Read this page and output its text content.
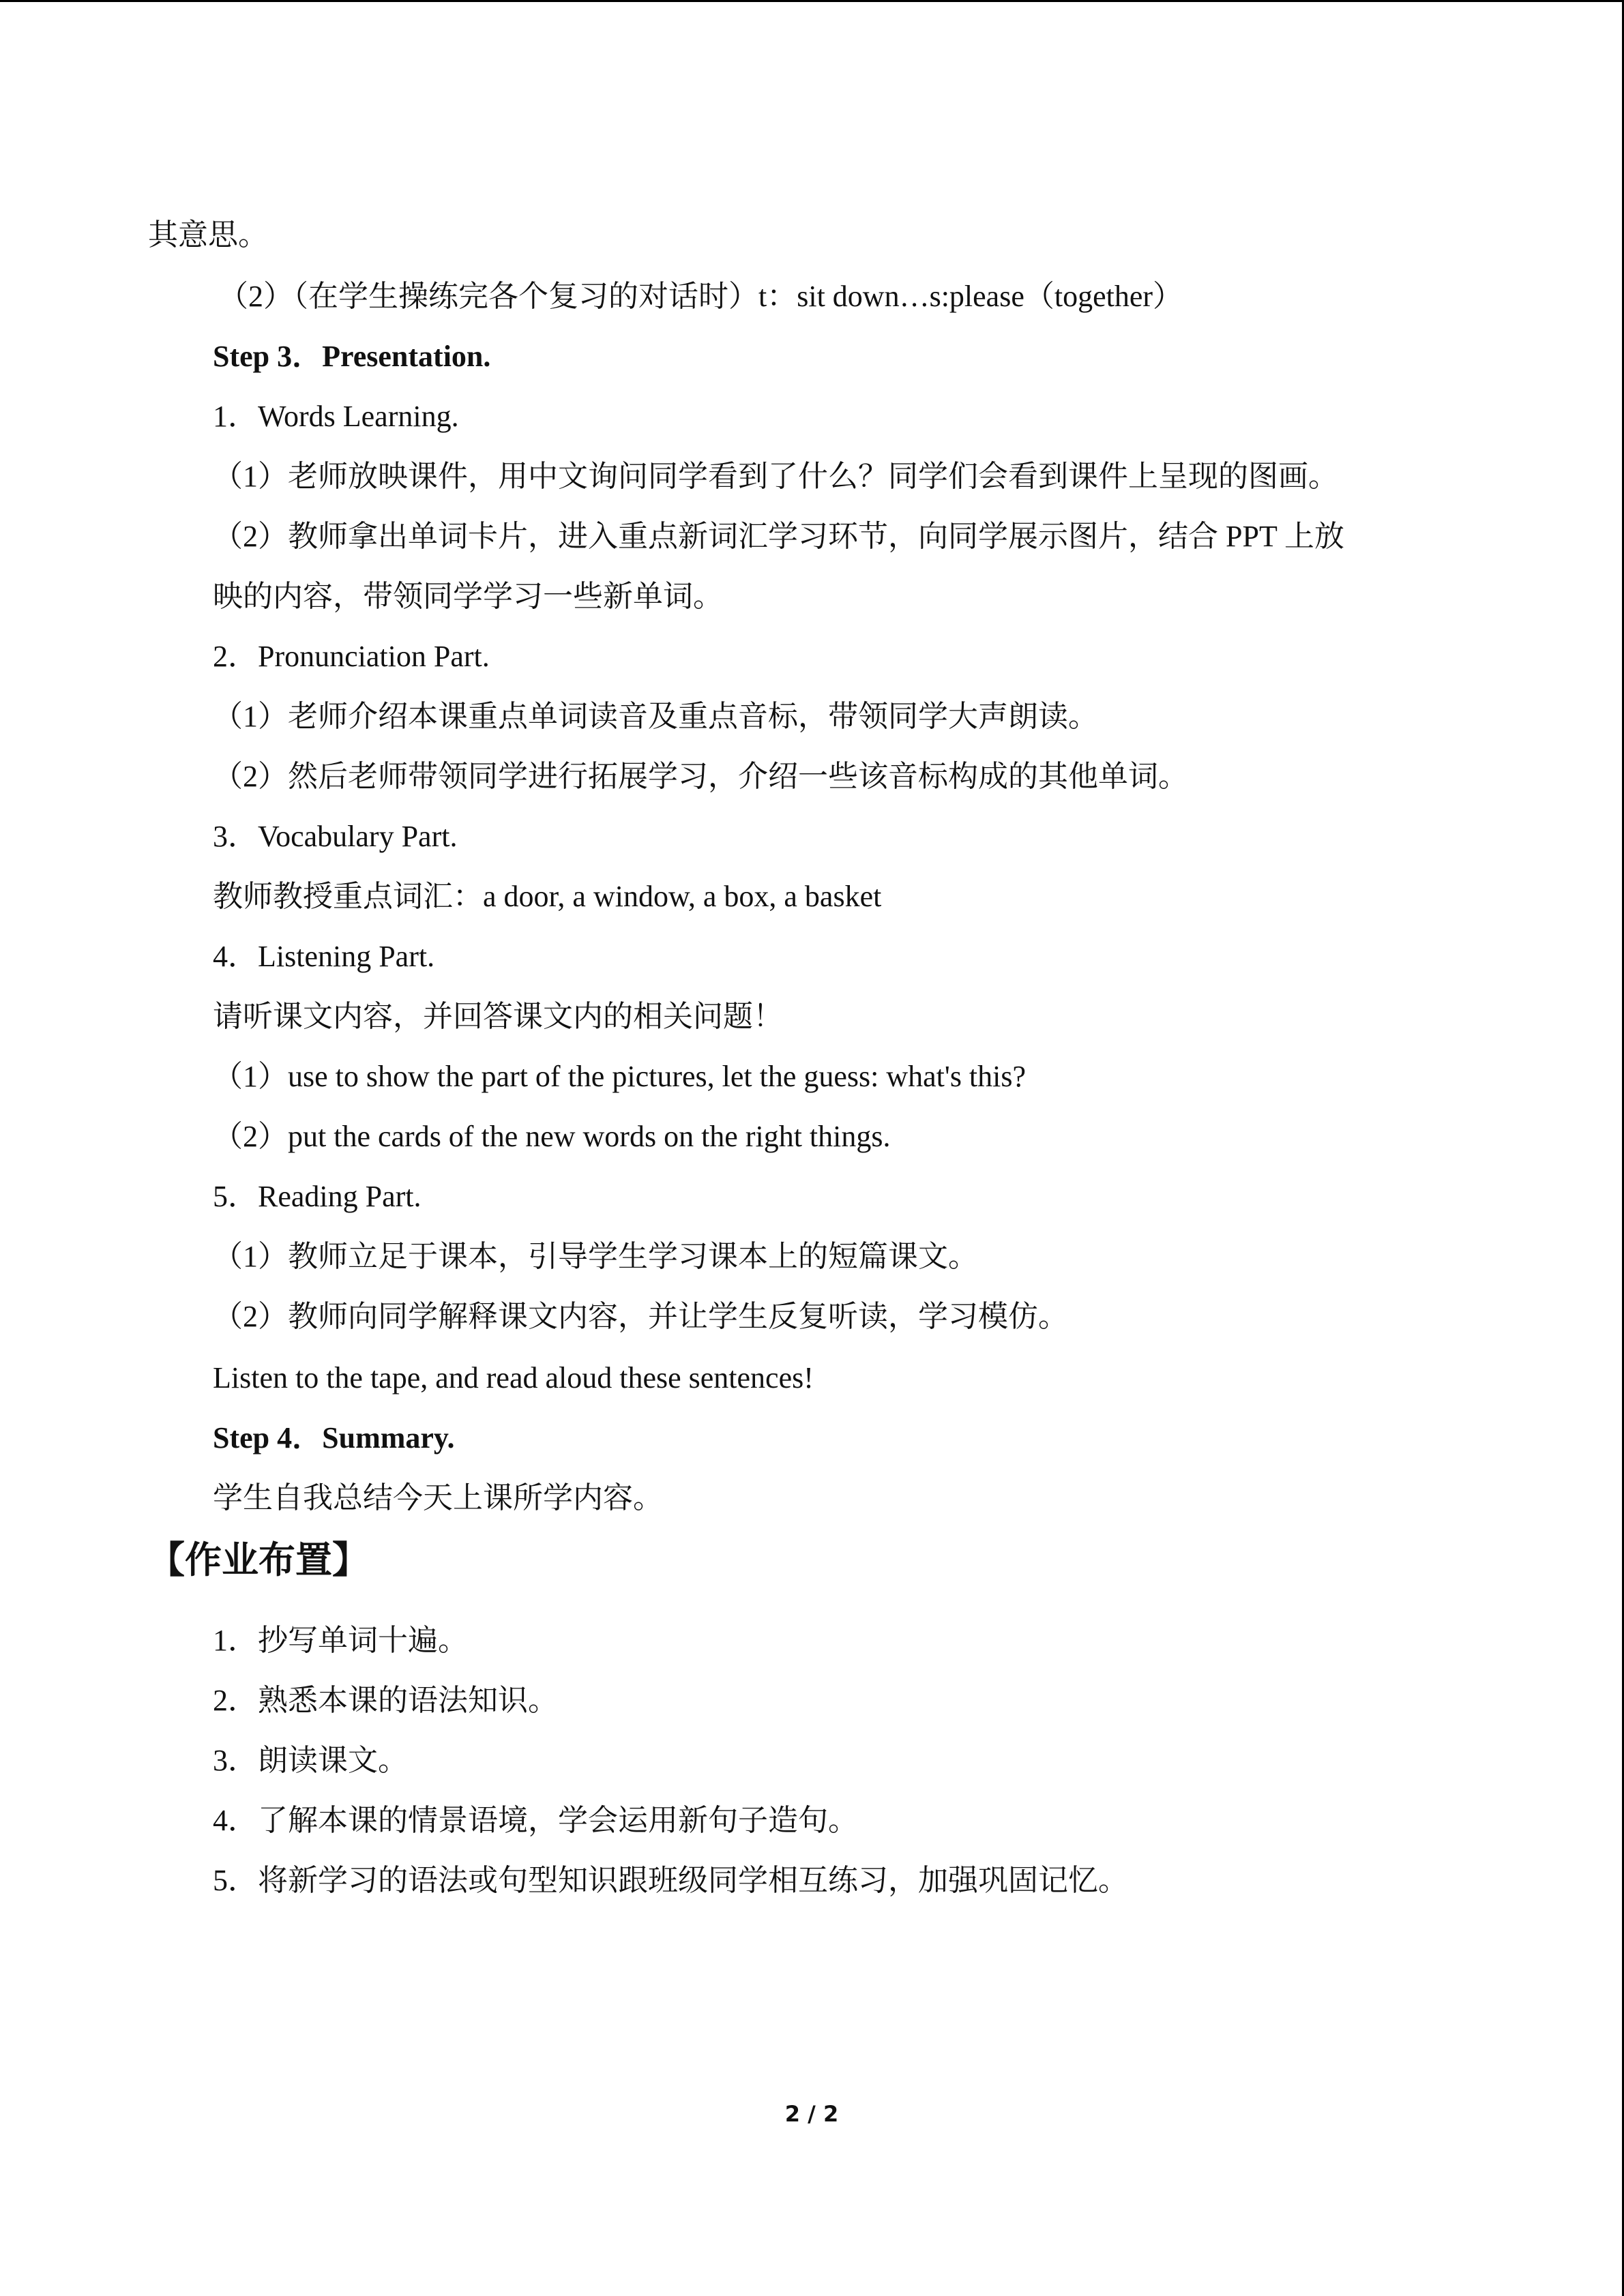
其意思。
（2）（在学生操练完各个复习的对话时）t：sit down…s:please（together）
Step 3．Presentation.
1．Words Learning.
（1）老师放映课件，用中文询问同学看到了什么？同学们会看到课件上呈现的图画。
（2）教师拿出单词卡片，进入重点新词汇学习环节，向同学展示图片，结合 PPT 上放
映的内容，带领同学学习一些新单词。
2．Pronunciation Part.
（1）老师介绍本课重点单词读音及重点音标，带领同学大声朗读。
（2）然后老师带领同学进行拓展学习，介绍一些该音标构成的其他单词。
3．Vocabulary Part.
教师教授重点词汇：a door, a window, a box, a basket
4．Listening Part.
请听课文内容，并回答课文内的相关问题！
（1）use to show the part of the pictures, let the guess: what's this?
（2）put the cards of the new words on the right things.
5．Reading Part.
（1）教师立足于课本，引导学生学习课本上的短篇课文。
（2）教师向同学解释课文内容，并让学生反复听读，学习模仿。
Listen to the tape, and read aloud these sentences!
Step 4．Summary.
学生自我总结今天上课所学内容。
【作业布置】
1．抄写单词十遍。
2．熟悉本课的语法知识。
3．朗读课文。
4．了解本课的情景语境，学会运用新句子造句。
5．将新学习的语法或句型知识跟班级同学相互练习，加强巩固记忆。
2 / 2
